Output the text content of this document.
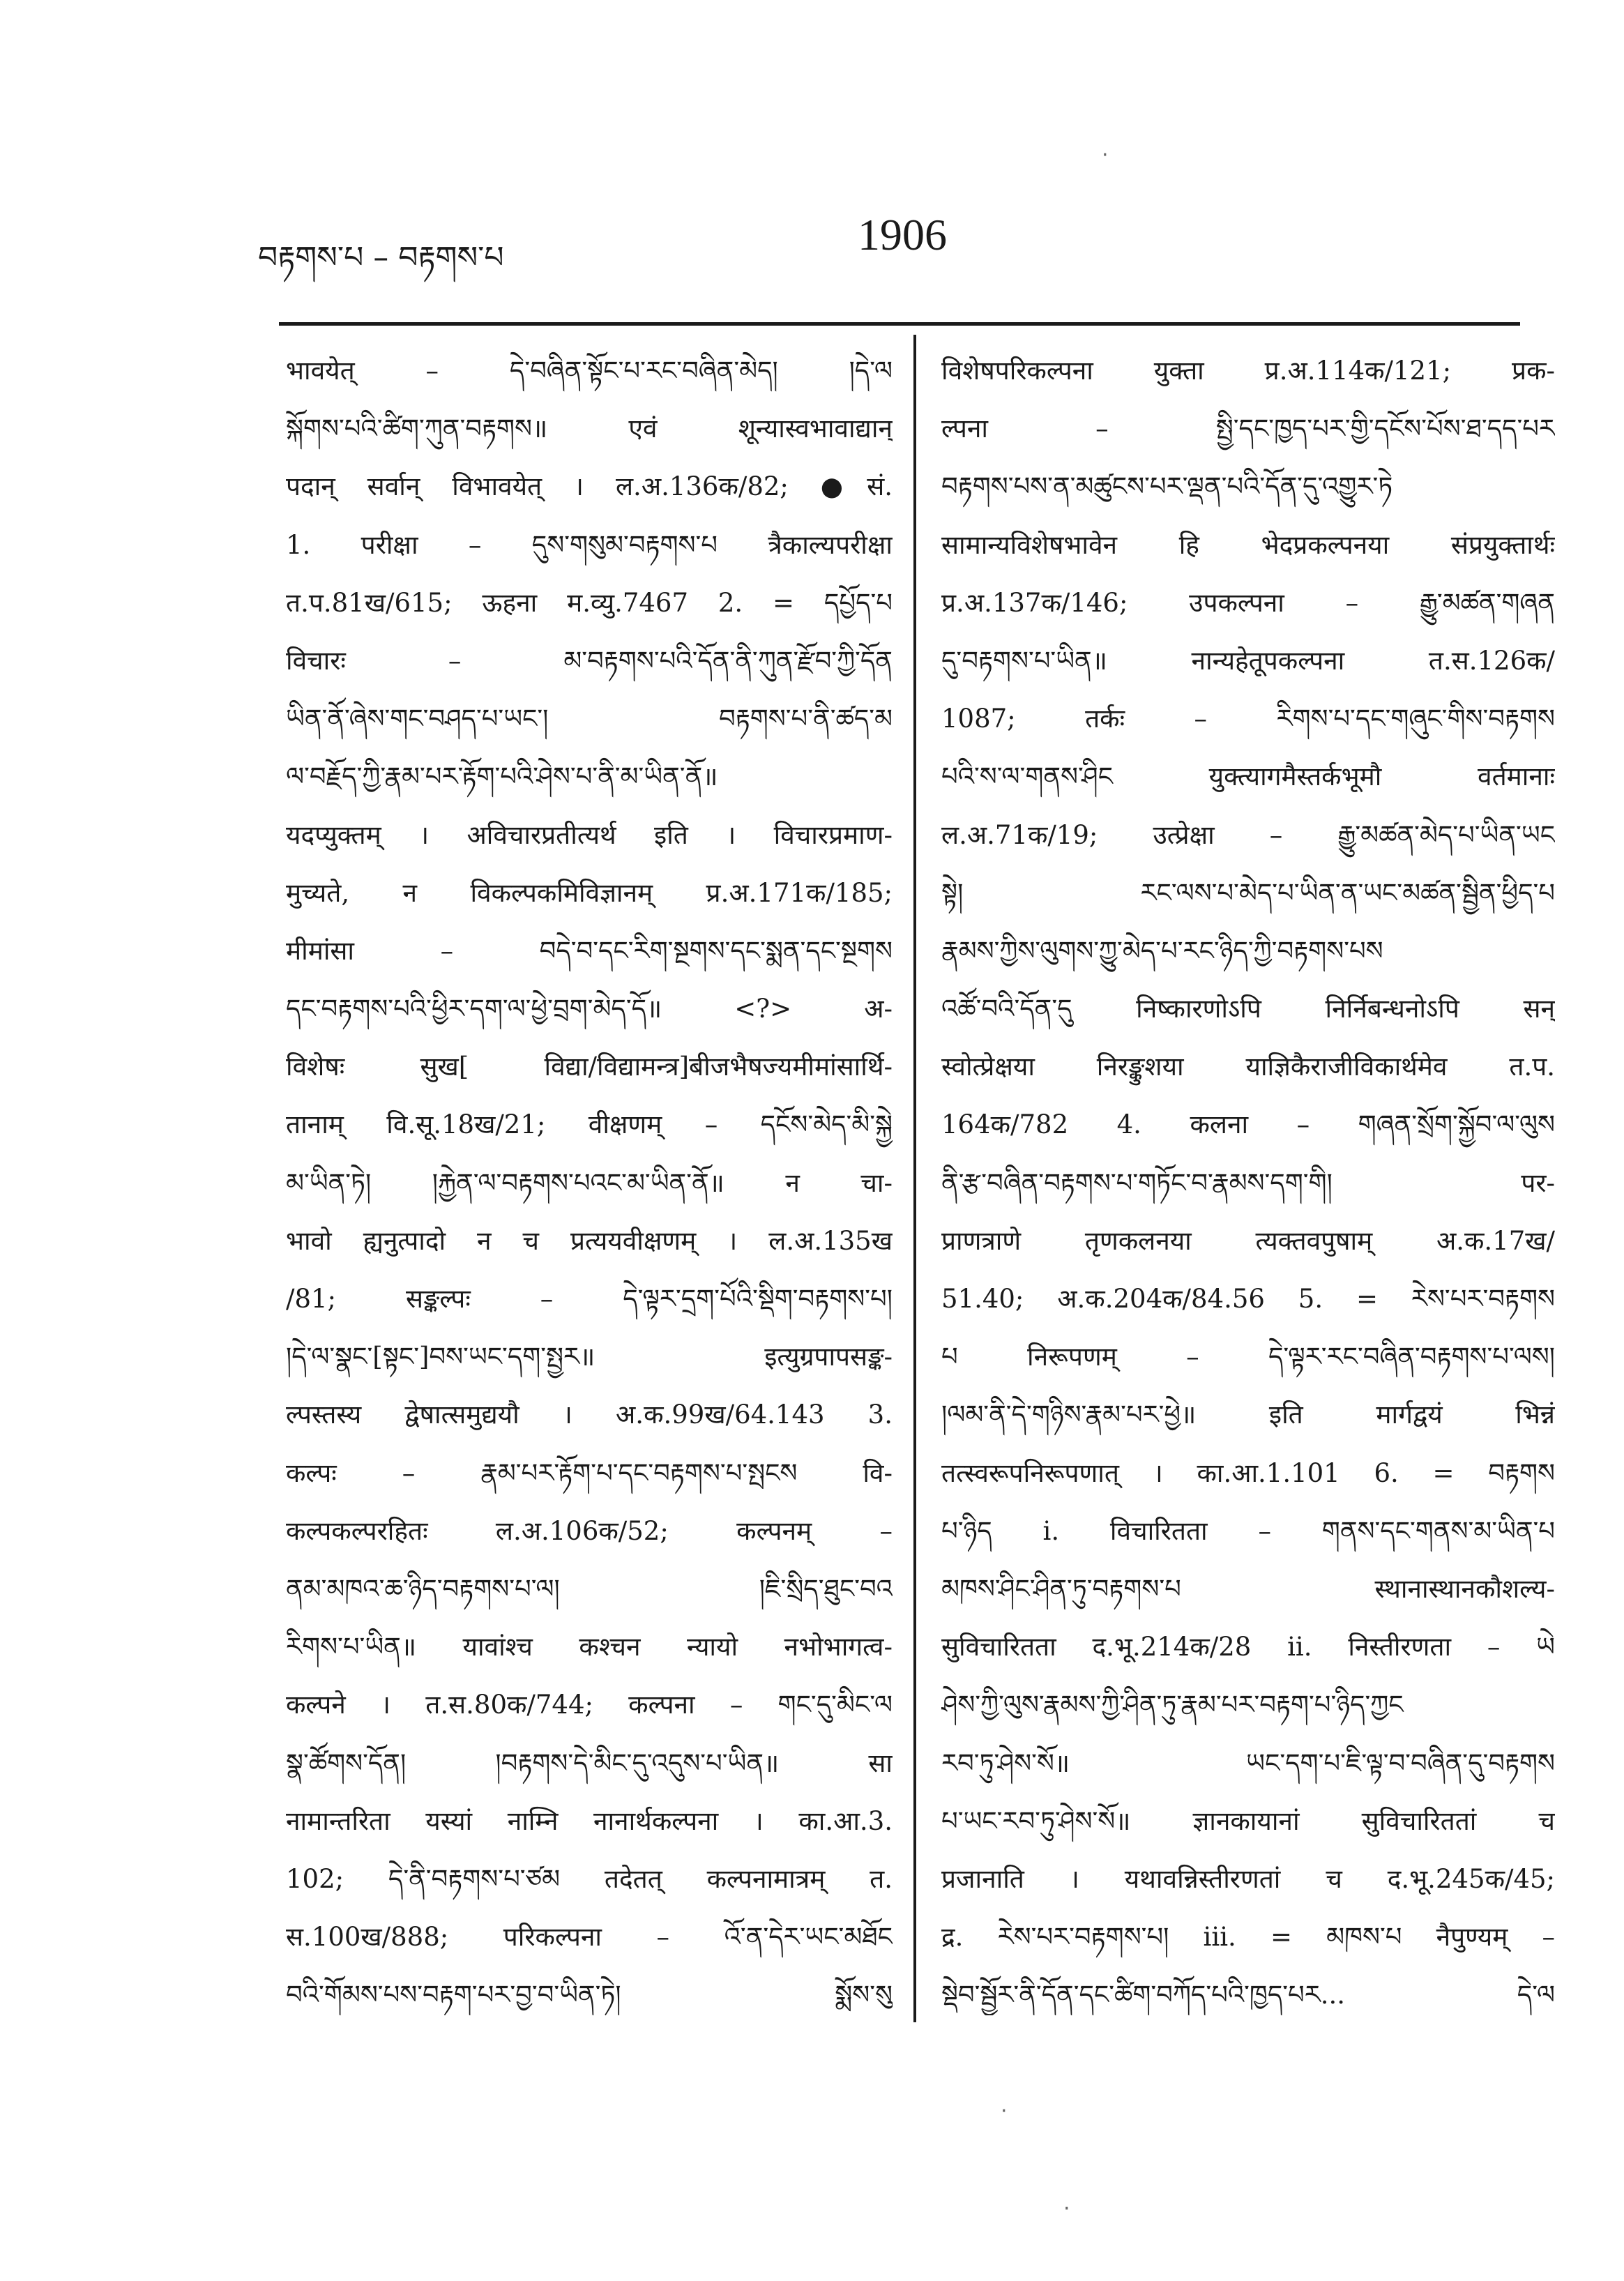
བརྟགས་པ – བརྟགས་པ	1906
भावयेत् – དེ་བཞིན་སྟོང་པ་རང་བཞིན་མེད། །དེ་ལ
སྐོགས་པའི་ཚིག་ཀུན་བརྟགས॥ एवं शून्यास्वभावाद्यान्
पदान् सर्वान् विभावयेत् । ल.अ.136क/82; ●सं.
1. परीक्षा – དུས་གསུམ་བརྟགས་པ त्रैकाल्यपरीक्षा
त.प.81ख/615; ऊहना म.व्यु.7467 2. = དཔྱོད་པ
विचारः – མ་བརྟགས་པའི་དོན་ནི་ཀུན་རྫོབ་ཀྱི་དོན
ཡིན་ནོ་ཞེས་གང་བཤད་པ་ཡང་། བརྟགས་པ་ནི་ཚད་མ
ལ་བརྗོད་ཀྱི་རྣམ་པར་རྟོག་པའི་ཤེས་པ་ནི་མ་ཡིན་ནོ॥
यदप्युक्तम् । अविचारप्रतीत्यर्थ इति । विचारप्रमाण-
मुच्यते, न विकल्पकमिविज्ञानम् प्र.अ.171क/185;
मीमांसा – བདེ་བ་དང་རིག་སྔགས་དང་སྨན་དང་སྔགས
དང་བརྟགས་པའི་ཕྱིར་དག་ལ་ཕྱེ་བྲག་མེད་དོ॥ <?> अ-
विशेषः सुख[ विद्या/विद्यामन्त्र]बीजभैषज्यमीमांसार्थि-
तानाम् वि.सू.18ख/21; वीक्षणम् – དངོས་མེད་མི་སྐྱེ
མ་ཡིན་ཏེ། །རྐྱེན་ལ་བརྟགས་པའང་མ་ཡིན་ནོ॥ न चा-
भावो ह्यनुत्पादो न च प्रत्ययवीक्षणम् । ल.अ.135ख
/81; सङ्कल्पः – དེ་ལྟར་དྲག་པོའི་སྡིག་བརྟགས་པ།
།དེ་ལ་སྣང་[སྟང་]བས་ཡང་དག་སྤྱར॥ इत्युग्रपापसङ्क-
ल्पस्तस्य द्वेषात्समुद्ययौ । अ.क.99ख/64.143 3.
कल्पः – རྣམ་པར་རྟོག་པ་དང་བརྟགས་པ་སྤངས वि-
कल्पकल्परहितः ल.अ.106क/52; कल्पनम् –
ནམ་མཁའ་ཆ་ཉིད་བརྟགས་པ་ལ། །ཇི་སྲིད་ཐུང་བའ
རིགས་པ་ཡིན॥ यावांश्च कश्चन न्यायो नभोभागत्व-
कल्पने । त.स.80क/744; कल्पना – གང་དུ་མིང་ལ
སྣ་ཚོགས་དོན། །བརྟགས་དེ་མིང་དུ་འདུས་པ་ཡིན॥ सा
नामान्तरिता यस्यां नाम्नि नानार्थकल्पना । का.आ.3.
102; དེ་ནི་བརྟགས་པ་ཙམ तदेतत् कल्पनामात्रम् त.
स.100ख/888; परिकल्पना – འོ་ན་དེར་ཡང་མཐོང
བའི་གོམས་པས་བརྟག་པར་བྱ་བ་ཡིན་ཏེ། སྨོས་སུ
विशेषपरिकल्पना युक्ता प्र.अ.114क/121; प्रक-
ल्पना – སྤྱི་དང་ཁྱད་པར་གྱི་དངོས་པོས་ཐ་དད་པར
བརྟགས་པས་ན་མཚུངས་པར་ལྡན་པའི་དོན་དུ་འགྱུར་ཏེ
सामान्यविशेषभावेन हि भेदप्रकल्पनया संप्रयुक्तार्थः
प्र.अ.137क/146; उपकल्पना – རྒྱུ་མཚན་གཞན
དུ་བརྟགས་པ་ཡིན॥ नान्यहेतूपकल्पना त.स.126क/
1087; तर्कः – རིགས་པ་དང་གཞུང་གིས་བརྟགས
པའི་ས་ལ་གནས་ཤིང युक्त्यागमैस्तर्कभूमौ वर्तमानाः
ल.अ.71क/19; उत्प्रेक्षा – རྒྱུ་མཚན་མེད་པ་ཡིན་ཡང
སྟེ། རང་ལས་པ་མེད་པ་ཡིན་ན་ཡང་མཚན་སྦྱིན་ཕྱིད་པ
རྣམས་ཀྱིས་ལུགས་ཀྱུ་མེད་པ་རང་ཉིད་ཀྱི་བརྟགས་པས
འཚོ་བའི་དོན་དུ निष्कारणोऽपि निर्निबन्धनोऽपि सन्
स्वोत्प्रेक्षया निरङ्कुशया याज्ञिकैराजीविकार्थमेव त.प.
164क/782 4. कलना – གཞན་སྲོག་སྐྱོབ་ལ་ལུས
ནི་རྩ་བཞིན་བརྟགས་པ་གཏོང་བ་རྣམས་དག་གི། पर-
प्राणत्राणे तृणकलनया त्यक्तवपुषाम् अ.क.17ख/
51.40; अ.क.204क/84.56 5. = རེས་པར་བརྟགས
པ निरूपणम् – དེ་ལྟར་རང་བཞིན་བརྟགས་པ་ལས།
།ལམ་ནི་དེ་གཉིས་རྣམ་པར་ཕྱེ॥ इति मार्गद्वयं भिन्नं
तत्स्वरूपनिरूपणात् । का.आ.1.101 6. = བརྟགས
པ་ཉིད i. विचारितता – གནས་དང་གནས་མ་ཡིན་པ
མཁས་ཤིང་ཤིན་ཏུ་བརྟགས་པ स्थानास्थानकौशल्य-
सुविचारितता द.भू.214क/28 ii. निस्तीरणता – ཡེ
ཤེས་ཀྱི་ལུས་རྣམས་ཀྱི་ཤིན་ཏུ་རྣམ་པར་བརྟག་པ་ཉིད་ཀྱང
རབ་ཏུ་ཤེས་སོ॥ ཡང་དག་པ་ཇི་ལྟ་བ་བཞིན་དུ་བརྟགས
པ་ཡང་རབ་ཏུ་ཤེས་སོ॥ ज्ञानकायानां सुविचारिततां च
प्रजानाति । यथावन्निस्तीरणतां च द.भू.245क/45;
द्र. རེས་པར་བརྟགས་པ། iii. = མཁས་པ नैपुण्यम् –
སྡེབ་སྦྱོར་ནི་དོན་དང་ཚིག་བཀོད་པའི་ཁྱད་པར... དེ་ལ
·
·
·
